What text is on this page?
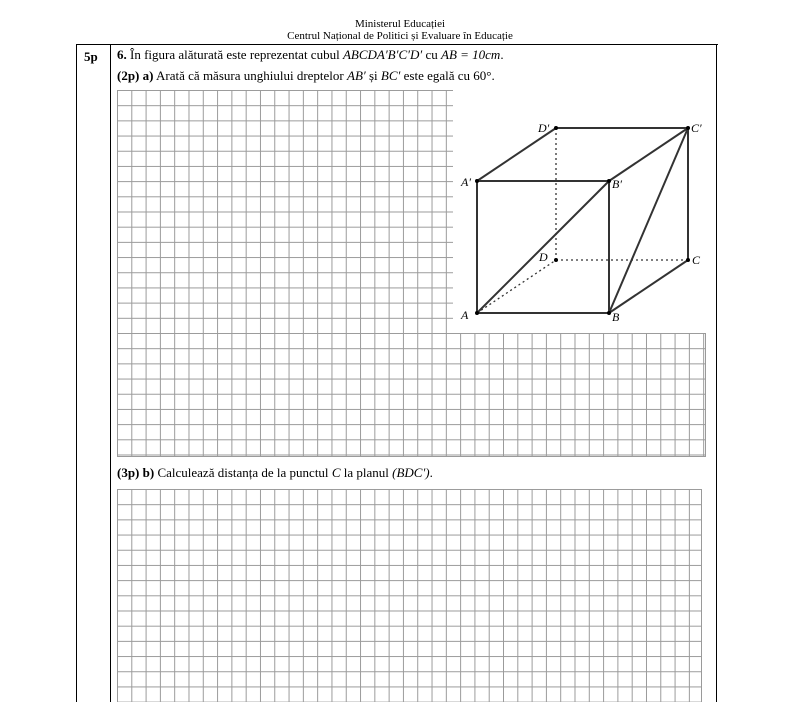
Ministerul Educației
Centrul Național de Politici și Evaluare în Educație
5p 6. În figura alăturată este reprezentat cubul ABCDA′B′C′D′ cu AB = 10cm.
(2p) a) Arată că măsura unghiului dreptelor AB′ și BC′ este egală cu 60°.
A	B
C
D
A′	B′
C′
D′
(3p) b) Calculează distanța de la punctul C la planul (BDC′).
